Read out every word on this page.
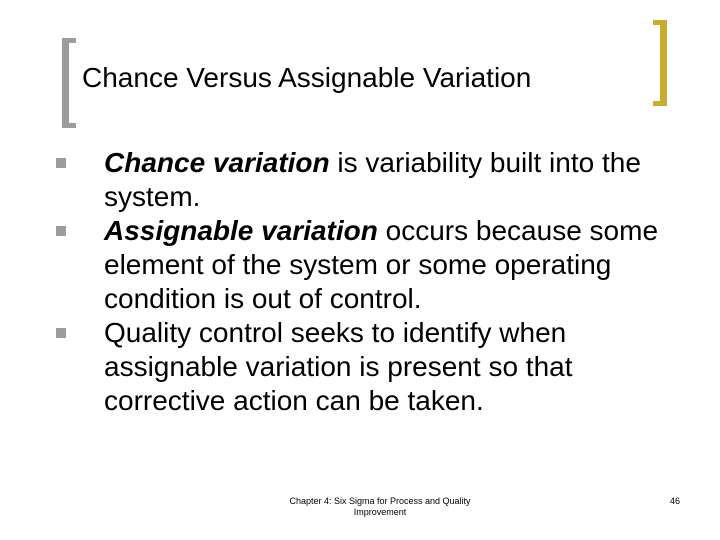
Chance Versus Assignable Variation
Chance variation is variability built into the system.
Assignable variation occurs because some element of the system or some operating condition is out of control.
Quality control seeks to identify when assignable variation is present so that corrective action can be taken.
Chapter 4: Six Sigma for Process and Quality Improvement
46
